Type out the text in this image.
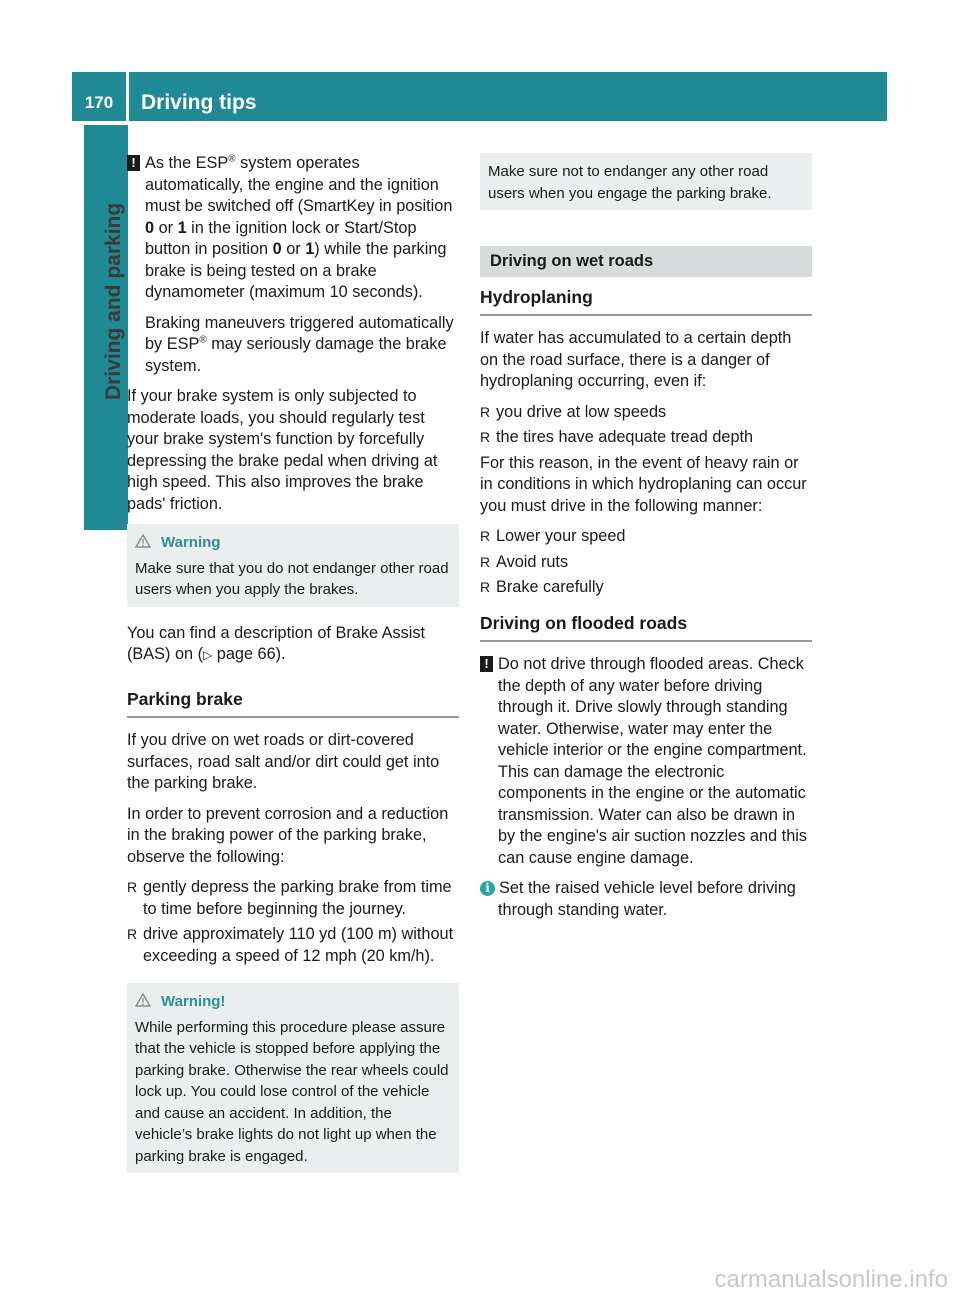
170	Driving tips
Driving and parking

! As the ESP® system operates automatically, the engine and the ignition must be switched off (SmartKey in position 0 or 1 in the ignition lock or Start/Stop button in position 0 or 1) while the parking brake is being tested on a brake dynamometer (maximum 10 seconds).

Braking maneuvers triggered automatically by ESP® may seriously damage the brake system.

If your brake system is only subjected to moderate loads, you should regularly test your brake system's function by forcefully depressing the brake pedal when driving at high speed. This also improves the brake pads' friction.

Warning
Make sure that you do not endanger other road users when you apply the brakes.

You can find a description of Brake Assist (BAS) on (▷ page 66).

Parking brake

If you drive on wet roads or dirt-covered surfaces, road salt and/or dirt could get into the parking brake.

In order to prevent corrosion and a reduction in the braking power of the parking brake, observe the following:

R gently depress the parking brake from time to time before beginning the journey.
R drive approximately 110 yd (100 m) without exceeding a speed of 12 mph (20 km/h).
Warning!
While performing this procedure please assure that the vehicle is stopped before applying the parking brake. Otherwise the rear wheels could lock up. You could lose control of the vehicle and cause an accident. In addition, the vehicle’s brake lights do not light up when the parking brake is engaged.
Make sure not to endanger any other road users when you engage the parking brake.
Driving on wet roads
Hydroplaning

If water has accumulated to a certain depth on the road surface, there is a danger of hydroplaning occurring, even if:

R you drive at low speeds
R the tires have adequate tread depth

For this reason, in the event of heavy rain or in conditions in which hydroplaning can occur you must drive in the following manner:

R Lower your speed
R Avoid ruts
R Brake carefully
Driving on flooded roads

! Do not drive through flooded areas. Check the depth of any water before driving through it. Drive slowly through standing water. Otherwise, water may enter the vehicle interior or the engine compartment. This can damage the electronic components in the engine or the automatic transmission. Water can also be drawn in by the engine's air suction nozzles and this can cause engine damage.

i Set the raised vehicle level before driving through standing water.

carmanualsonline.info
